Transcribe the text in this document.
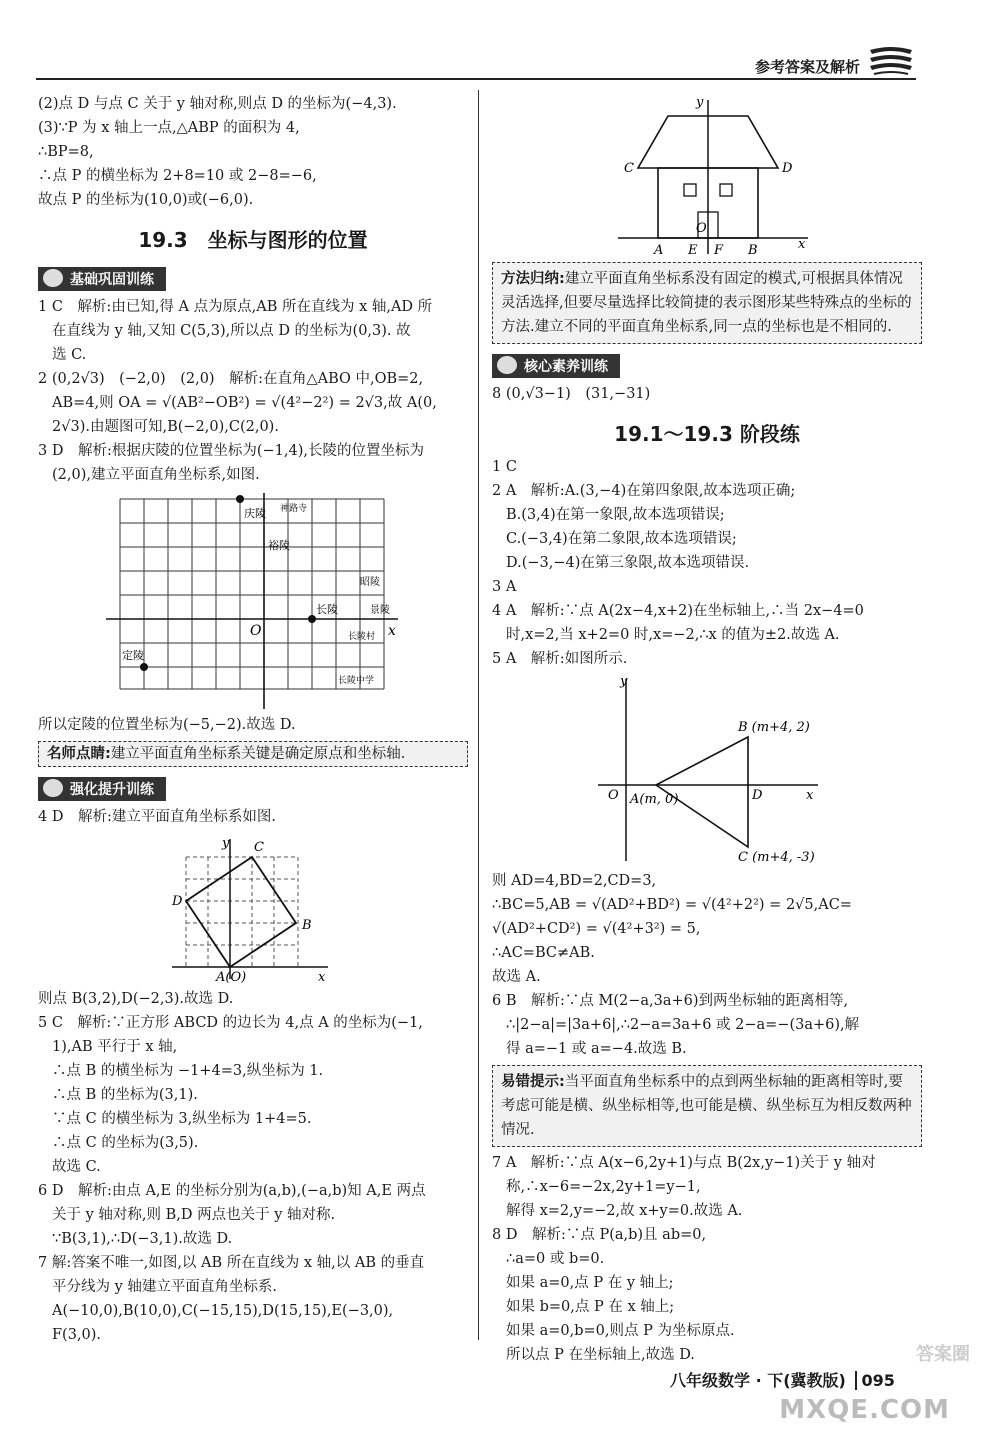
参考答案及解析
(2)点 D 与点 C 关于 y 轴对称,则点 D 的坐标为(−4,3).
(3)∵P 为 x 轴上一点,△ABP 的面积为 4,
∴BP=8,
∴点 P 的横坐标为 2+8=10 或 2−8=−6,
故点 P 的坐标为(10,0)或(−6,0).
19.3　坐标与图形的位置
基础巩固训练
1 C　解析:由已知,得 A 点为原点,AB 所在直线为 x 轴,AD 所
在直线为 y 轴,又知 C(5,3),所以点 D 的坐标为(0,3). 故
选 C.
2 (0,2√3)　(−2,0)　(2,0)　解析:在直角△ABO 中,OB=2,
AB=4,则 OA = √(AB²−OB²) = √(4²−2²) = 2√3,故 A(0,
2√3).由题图可知,B(−2,0),C(2,0).
3 D　解析:根据庆陵的位置坐标为(−1,4),长陵的位置坐标为
(2,0),建立平面直角坐标系,如图.
庆陵
裕陵
长陵
定陵
昭陵
景陵
长陵村
神路寺
长陵中学
O	x
所以定陵的位置坐标为(−5,−2).故选 D.
名师点睛:建立平面直角坐标系关键是确定原点和坐标轴.
强化提升训练
4 D　解析:建立平面直角坐标系如图.
y
x
C
D
B
A(O)
则点 B(3,2),D(−2,3).故选 D.
5 C　解析:∵正方形 ABCD 的边长为 4,点 A 的坐标为(−1,
1),AB 平行于 x 轴,
∴点 B 的横坐标为 −1+4=3,纵坐标为 1.
∴点 B 的坐标为(3,1).
∵点 C 的横坐标为 3,纵坐标为 1+4=5.
∴点 C 的坐标为(3,5).
故选 C.
6 D　解析:由点 A,E 的坐标分别为(a,b),(−a,b)知 A,E 两点
关于 y 轴对称,则 B,D 两点也关于 y 轴对称.
∵B(3,1),∴D(−3,1).故选 D.
7 解:答案不唯一,如图,以 AB 所在直线为 x 轴,以 AB 的垂直
平分线为 y 轴建立平面直角坐标系.
A(−10,0),B(10,0),C(−15,15),D(15,15),E(−3,0),
F(3,0).
y
x
C	D
O
A E F B
方法归纳:建立平面直角坐标系没有固定的模式,可根据具体情况灵活选择,但要尽量选择比较简捷的表示图形某些特殊点的坐标的方法.建立不同的平面直角坐标系,同一点的坐标也是不相同的.
核心素养训练
8 (0,√3−1)　(31,−31)
19.1～19.3 阶段练
1 C
2 A　解析:A.(3,−4)在第四象限,故本选项正确;
B.(3,4)在第一象限,故本选项错误;
C.(−3,4)在第二象限,故本选项错误;
D.(−3,−4)在第三象限,故本选项错误.
3 A
4 A　解析:∵点 A(2x−4,x+2)在坐标轴上,∴当 2x−4=0
时,x=2,当 x+2=0 时,x=−2,∴x 的值为±2.故选 A.
5 A　解析:如图所示.
y
x
O A(m, 0)	D
B (m+4, 2)
C (m+4, -3)
则 AD=4,BD=2,CD=3,
∴BC=5,AB = √(AD²+BD²) = √(4²+2²) = 2√5,AC=
√(AD²+CD²) = √(4²+3²) = 5,
∴AC=BC≠AB.
故选 A.
6 B　解析:∵点 M(2−a,3a+6)到两坐标轴的距离相等,
∴|2−a|=|3a+6|,∴2−a=3a+6 或 2−a=−(3a+6),解
得 a=−1 或 a=−4.故选 B.
易错提示:当平面直角坐标系中的点到两坐标轴的距离相等时,要考虑可能是横、纵坐标相等,也可能是横、纵坐标互为相反数两种情况.
7 A　解析:∵点 A(x−6,2y+1)与点 B(2x,y−1)关于 y 轴对
称,∴x−6=−2x,2y+1=y−1,
解得 x=2,y=−2,故 x+y=0.故选 A.
8 D　解析:∵点 P(a,b)且 ab=0,
∴a=0 或 b=0.
如果 a=0,点 P 在 y 轴上;
如果 b=0,点 P 在 x 轴上;
如果 a=0,b=0,则点 P 为坐标原点.
所以点 P 在坐标轴上,故选 D.
八年级数学 · 下(冀教版) 095
答案圈
MXQE.COM
